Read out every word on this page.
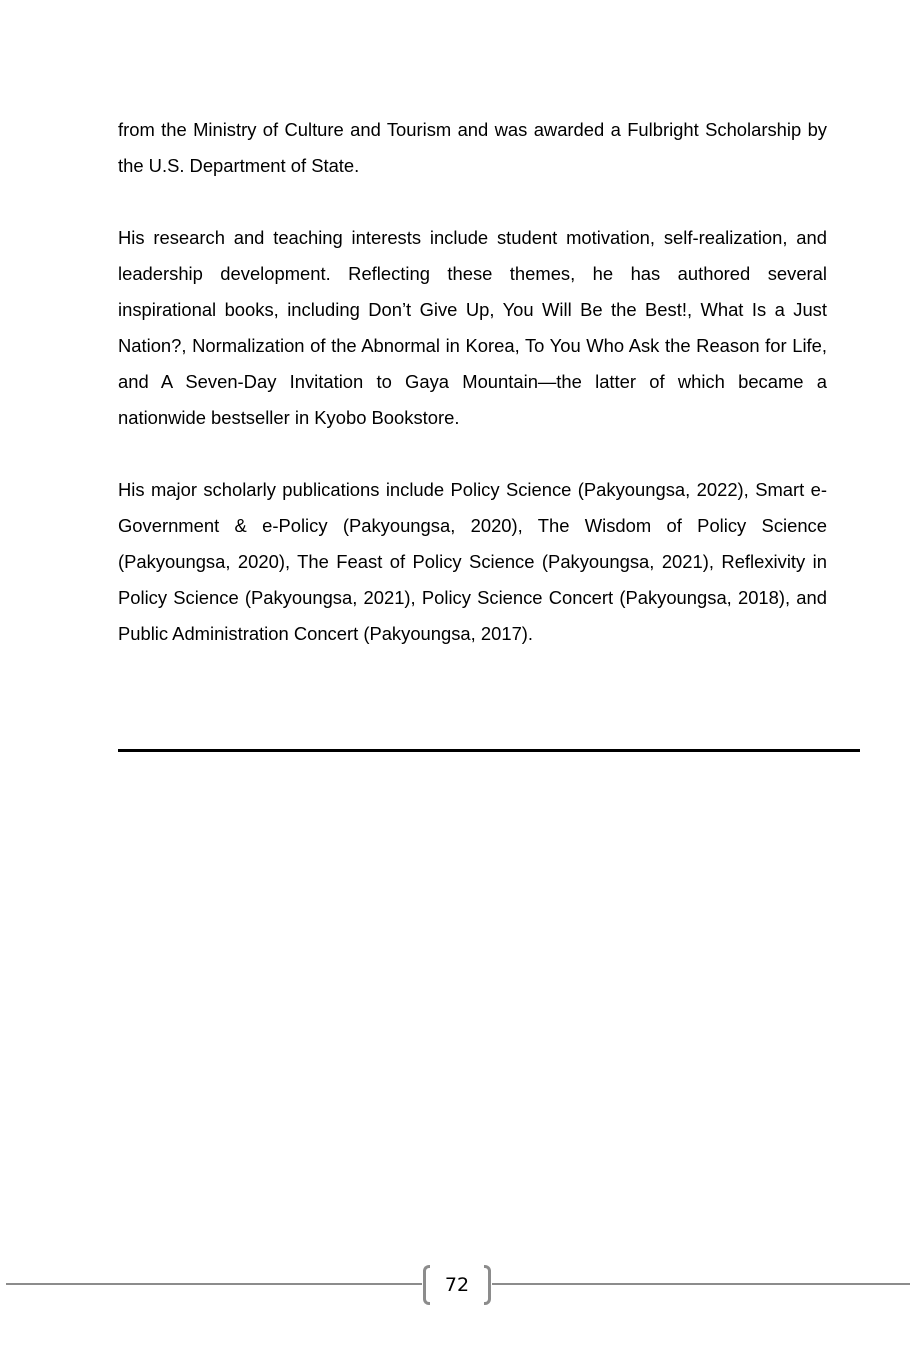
from the Ministry of Culture and Tourism and was awarded a Fulbright Scholarship by the U.S. Department of State.

His research and teaching interests include student motivation, self-realization, and leadership development. Reflecting these themes, he has authored several inspirational books, including Don’t Give Up, You Will Be the Best!, What Is a Just Nation?, Normalization of the Abnormal in Korea, To You Who Ask the Reason for Life, and A Seven-Day Invitation to Gaya Mountain—the latter of which became a nationwide bestseller in Kyobo Bookstore.

His major scholarly publications include Policy Science (Pakyoungsa, 2022), Smart e-Government & e-Policy (Pakyoungsa, 2020), The Wisdom of Policy Science (Pakyoungsa, 2020), The Feast of Policy Science (Pakyoungsa, 2021), Reflexivity in Policy Science (Pakyoungsa, 2021), Policy Science Concert (Pakyoungsa, 2018), and Public Administration Concert (Pakyoungsa, 2017).

72
